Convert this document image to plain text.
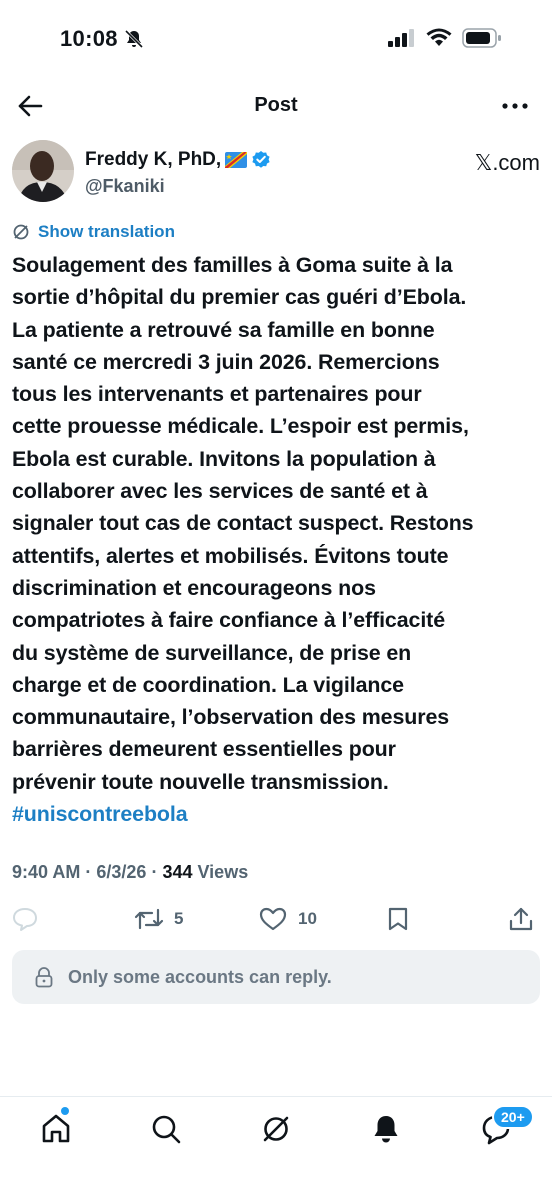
10:08
Post
Freddy K, PhD,
@Fkaniki
𝕏.com
Show translation
Soulagement des familles à Goma suite à la
sortie d’hôpital du premier cas guéri d’Ebola.
La patiente a retrouvé sa famille en bonne
santé ce mercredi 3 juin 2026. Remercions
tous les intervenants et partenaires pour
cette prouesse médicale. L’espoir est permis,
Ebola est curable. Invitons la population à
collaborer avec les services de santé et à
signaler tout cas de contact suspect. Restons
attentifs, alertes et mobilisés. Évitons toute
discrimination et encourageons nos
compatriotes à faire confiance à l’efficacité
du système de surveillance, de prise en
charge et de coordination. La vigilance
communautaire, l’observation des mesures
barrières demeurent essentielles pour
prévenir toute nouvelle transmission.
#uniscontreebola
9:40 AM · 6/3/26 · 344 Views
5	10
Only some accounts can reply.
20+
